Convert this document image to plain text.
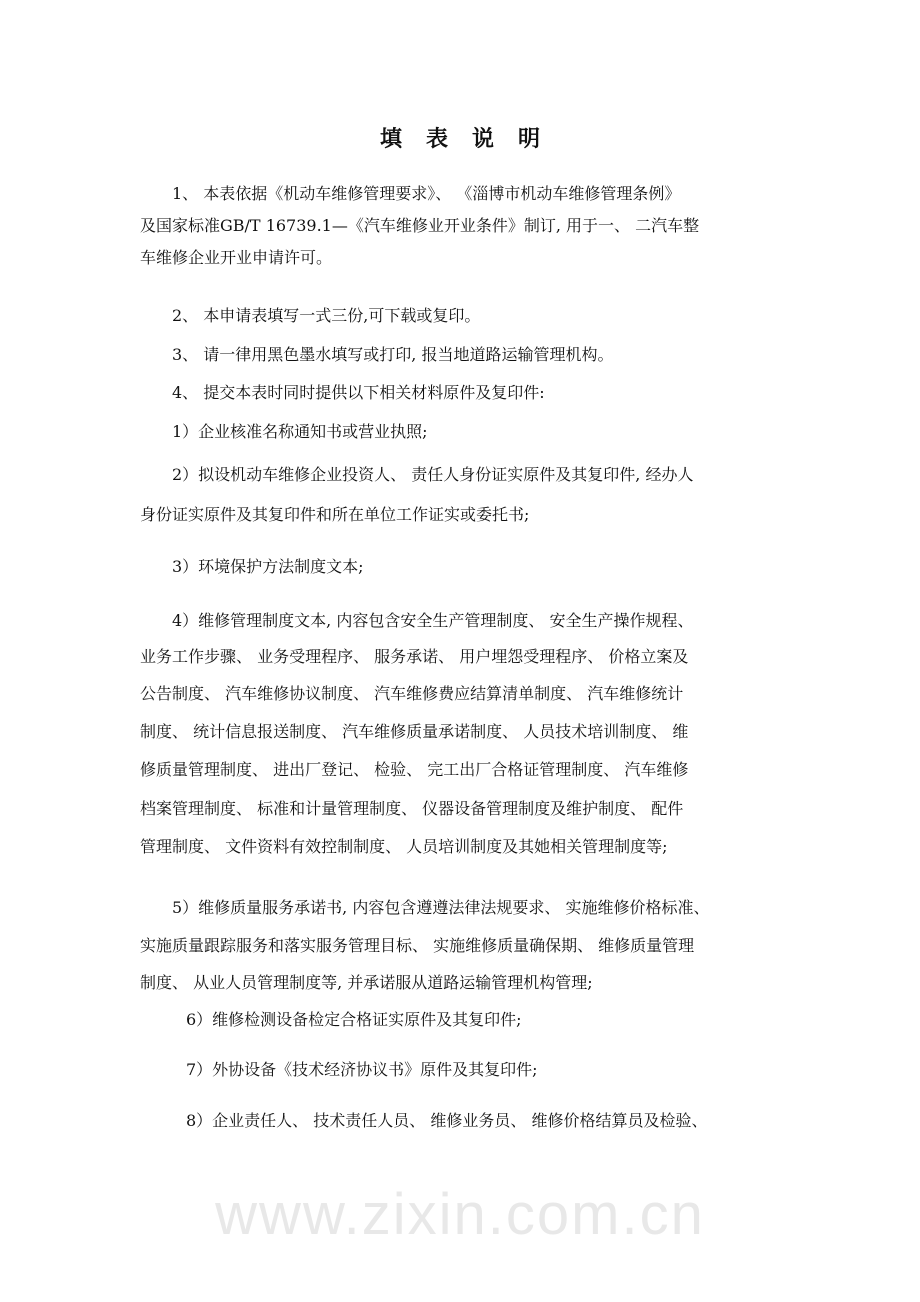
填表说明
1、 本表依据《机动车维修管理要求》、 《淄博市机动车维修管理条例》
及国家标准GB/T 16739.1—《汽车维修业开业条件》制订, 用于一、 二汽车整
车维修企业开业申请许可。
2、 本申请表填写一式三份,可下载或复印。
3、 请一律用黑色墨水填写或打印, 报当地道路运输管理机构。
4、 提交本表时同时提供以下相关材料原件及复印件:
1）企业核准名称通知书或营业执照;
2）拟设机动车维修企业投资人、 责任人身份证实原件及其复印件, 经办人
身份证实原件及其复印件和所在单位工作证实或委托书;
3）环境保护方法制度文本;
4）维修管理制度文本, 内容包含安全生产管理制度、 安全生产操作规程、
业务工作步骤、 业务受理程序、 服务承诺、 用户埋怨受理程序、 价格立案及
公告制度、 汽车维修协议制度、 汽车维修费应结算清单制度、 汽车维修统计
制度、 统计信息报送制度、 汽车维修质量承诺制度、 人员技术培训制度、 维
修质量管理制度、 进出厂登记、 检验、 完工出厂合格证管理制度、 汽车维修
档案管理制度、 标准和计量管理制度、 仪器设备管理制度及维护制度、 配件
管理制度、 文件资料有效控制制度、 人员培训制度及其她相关管理制度等;
5）维修质量服务承诺书, 内容包含遵遵法律法规要求、 实施维修价格标准、
实施质量跟踪服务和落实服务管理目标、 实施维修质量确保期、 维修质量管理
制度、 从业人员管理制度等, 并承诺服从道路运输管理机构管理;
6）维修检测设备检定合格证实原件及其复印件;
7）外协设备《技术经济协议书》原件及其复印件;
8）企业责任人、 技术责任人员、 维修业务员、 维修价格结算员及检验、
www.zixin.com.cn
